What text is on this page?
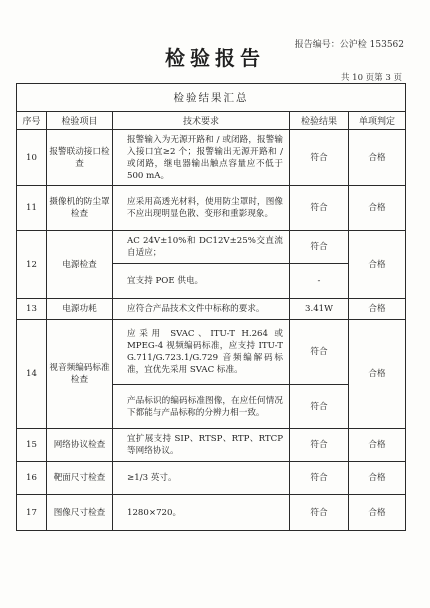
报告编号：公沪检 153562
检验报告
共 10 页第 3 页
检验结果汇总				
序号	检验项目	技术要求	检验结果	单项判定
10	报警联动接口检查	报警输入为无源开路和 / 或闭路，报警输入接口宜≥2 个；报警输出无源开路和 / 或闭路，继电器输出触点容量应不低于 500 mA。	符合	合格
11	摄像机的防尘罩检查	应采用高透光材料，使用防尘罩时，图像不应出现明显色散、变形和重影现象。	符合	合格
12	电源检查	AC 24V±10%和 DC12V±25%交直流自适应；	符合	合格
		宜支持 POE 供电。	-	
13	电源功耗	应符合产品技术文件中标称的要求。	3.41W	合格
14	视音频编码标准检查	应采用 SVAC、ITU-T H.264 或 MPEG-4 视频编码标准，应支持 ITU-T G.711/G.723.1/G.729 音频编解码标准，宜优先采用 SVAC 标准。	符合	合格
		产品标识的编码标准图像，在应任何情况下都能与产品标称的分辨力相一致。	符合	
15	网络协议检查	宜扩展支持 SIP、RTSP、RTP、RTCP 等网络协议。	符合	合格
16	靶面尺寸检查	≥1/3 英寸。	符合	合格
17	图像尺寸检查	1280×720。	符合	合格
